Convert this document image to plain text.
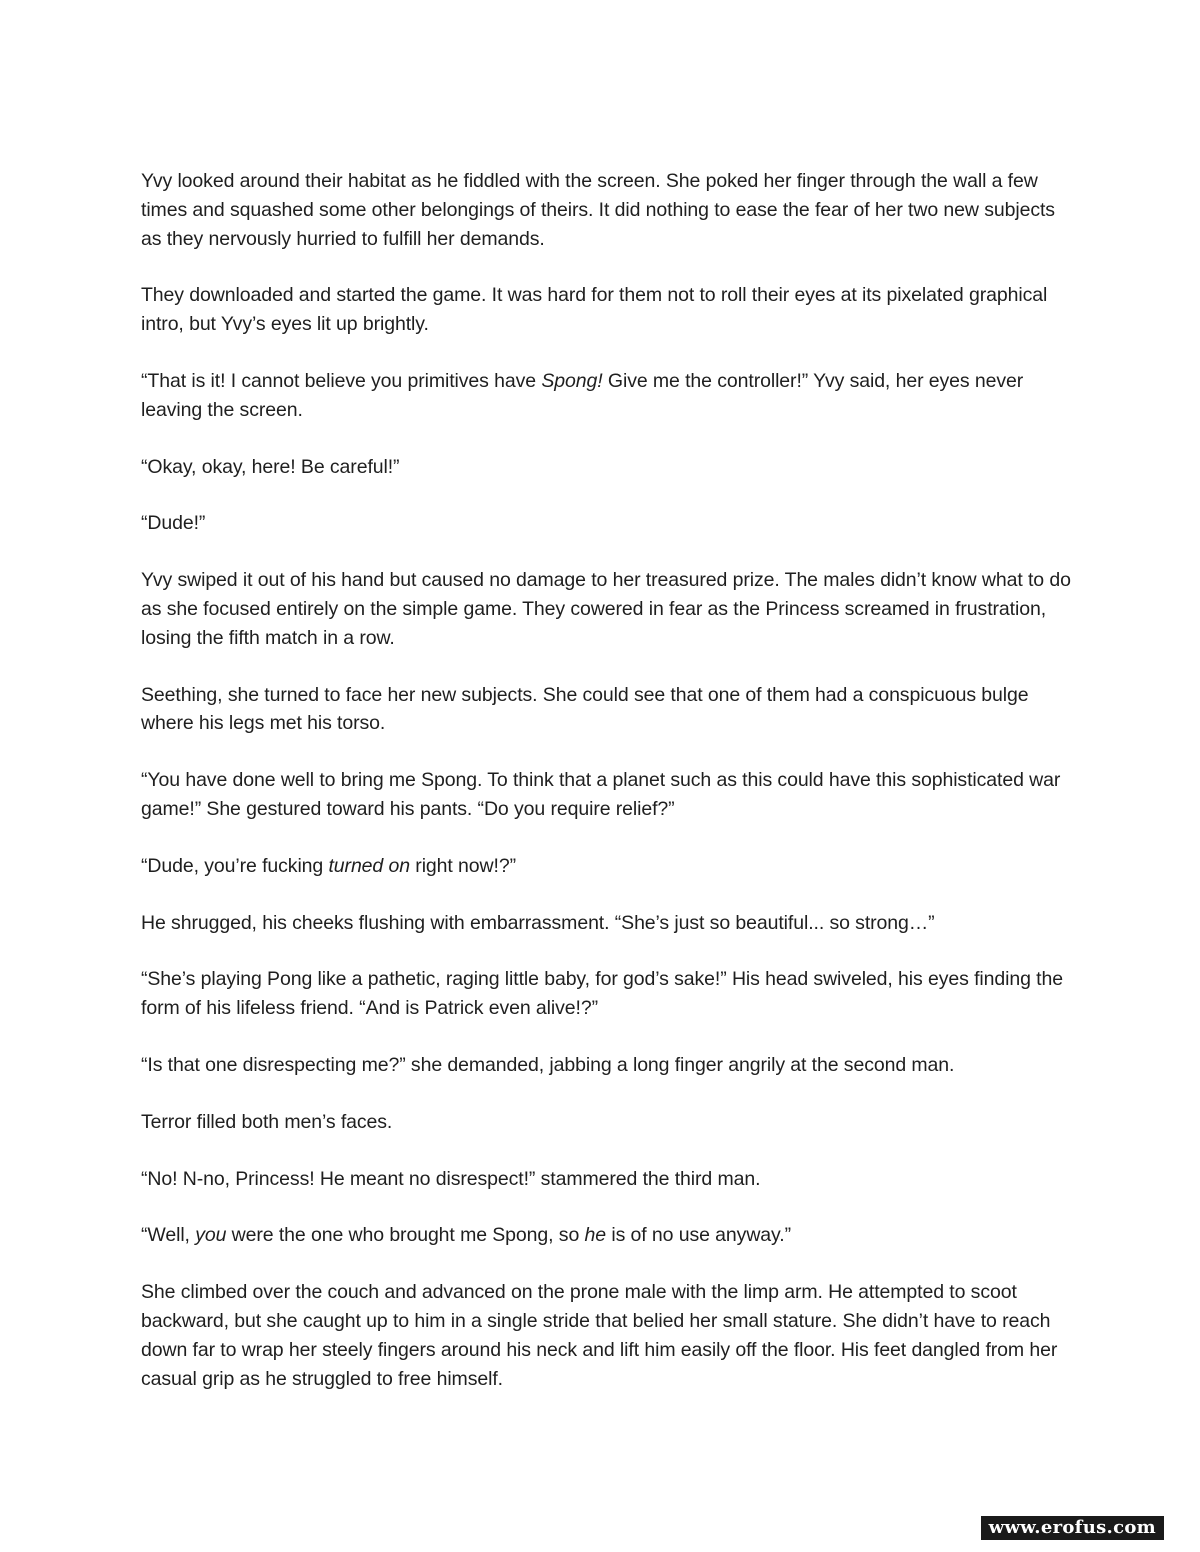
Yvy looked around their habitat as he fiddled with the screen. She poked her finger through the wall a few times and squashed some other belongings of theirs. It did nothing to ease the fear of her two new subjects as they nervously hurried to fulfill her demands.

They downloaded and started the game. It was hard for them not to roll their eyes at its pixelated graphical intro, but Yvy’s eyes lit up brightly.

“That is it! I cannot believe you primitives have Spong! Give me the controller!” Yvy said, her eyes never leaving the screen.

“Okay, okay, here! Be careful!”

“Dude!”

Yvy swiped it out of his hand but caused no damage to her treasured prize. The males didn’t know what to do as she focused entirely on the simple game. They cowered in fear as the Princess screamed in frustration, losing the fifth match in a row.

Seething, she turned to face her new subjects. She could see that one of them had a conspicuous bulge where his legs met his torso.

“You have done well to bring me Spong. To think that a planet such as this could have this sophisticated war game!” She gestured toward his pants. “Do you require relief?”

“Dude, you’re fucking turned on right now!?”

He shrugged, his cheeks flushing with embarrassment. “She’s just so beautiful... so strong…”

“She’s playing Pong like a pathetic, raging little baby, for god’s sake!” His head swiveled, his eyes finding the form of his lifeless friend. “And is Patrick even alive!?”

“Is that one disrespecting me?” she demanded, jabbing a long finger angrily at the second man.

Terror filled both men’s faces.

“No! N-no, Princess! He meant no disrespect!” stammered the third man.

“Well, you were the one who brought me Spong, so he is of no use anyway.”

She climbed over the couch and advanced on the prone male with the limp arm. He attempted to scoot backward, but she caught up to him in a single stride that belied her small stature. She didn’t have to reach down far to wrap her steely fingers around his neck and lift him easily off the floor. His feet dangled from her casual grip as he struggled to free himself.

www.erofus.com
